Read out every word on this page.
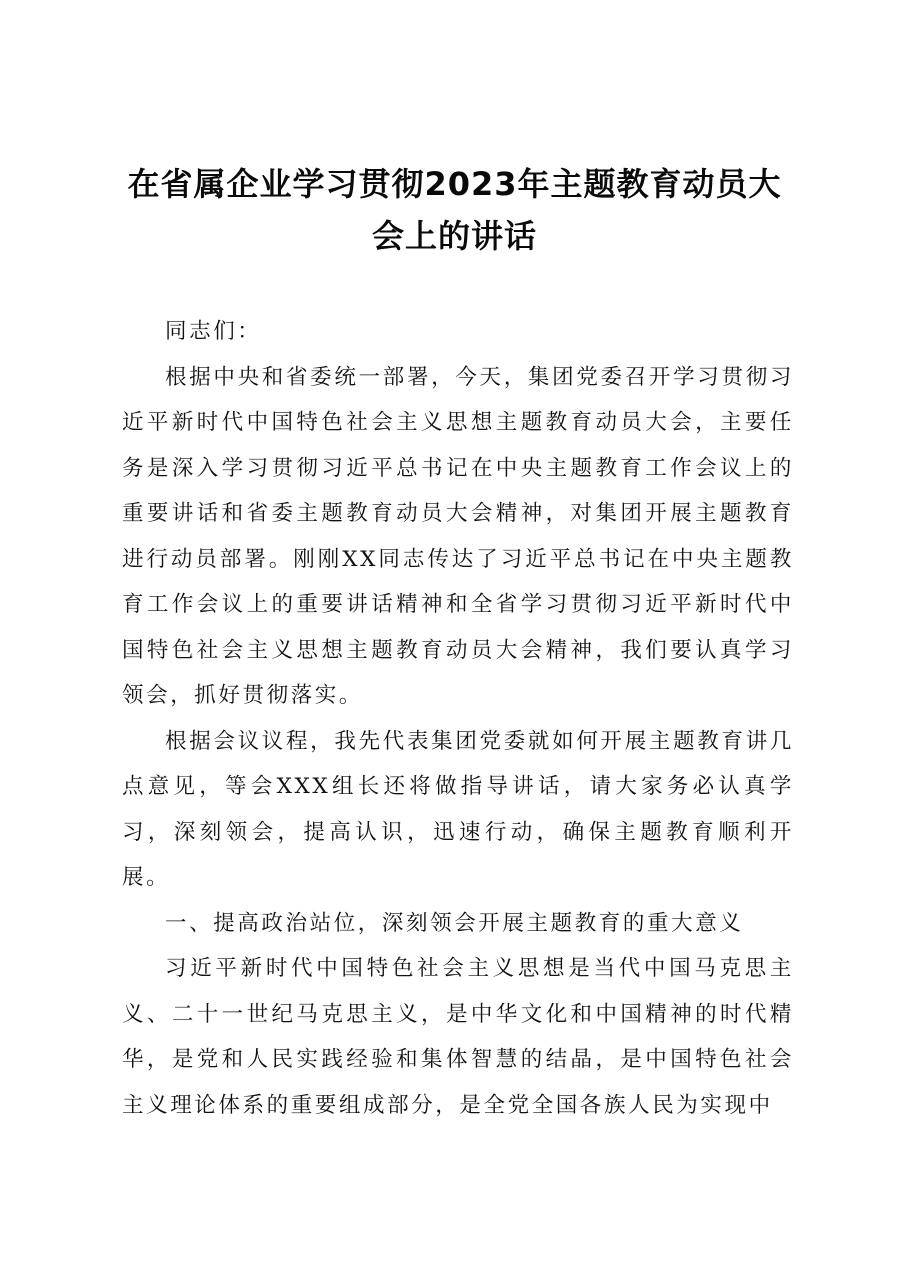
在省属企业学习贯彻2023年主题教育动员大
会上的讲话

同志们：

根据中央和省委统一部署，今天，集团党委召开学习贯彻习近平新时代中国特色社会主义思想主题教育动员大会，主要任务是深入学习贯彻习近平总书记在中央主题教育工作会议上的重要讲话和省委主题教育动员大会精神，对集团开展主题教育进行动员部署。刚刚XX同志传达了习近平总书记在中央主题教育工作会议上的重要讲话精神和全省学习贯彻习近平新时代中国特色社会主义思想主题教育动员大会精神，我们要认真学习领会，抓好贯彻落实。

根据会议议程，我先代表集团党委就如何开展主题教育讲几点意见，等会XXX组长还将做指导讲话，请大家务必认真学习，深刻领会，提高认识，迅速行动，确保主题教育顺利开展。

一、提高政治站位，深刻领会开展主题教育的重大意义

习近平新时代中国特色社会主义思想是当代中国马克思主义、二十一世纪马克思主义，是中华文化和中国精神的时代精华，是党和人民实践经验和集体智慧的结晶，是中国特色社会主义理论体系的重要组成部分，是全党全国各族人民为实现中
